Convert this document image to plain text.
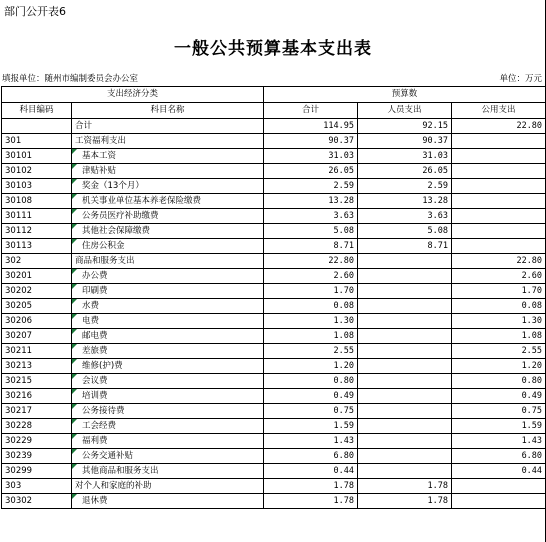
部门公开表6
一般公共预算基本支出表
填报单位：随州市编制委员会办公室	单位：万元
支出经济分类		预算数		
科目编码	科目名称	合计	人员支出	公用支出
	合计	114.95	92.15	22.80
301	工资福利支出	90.37	90.37	
30101	基本工资	31.03	31.03	
30102	津贴补贴	26.05	26.05	
30103	奖金（13个月）	2.59	2.59	
30108	机关事业单位基本养老保险缴费	13.28	13.28	
30111	公务员医疗补助缴费	3.63	3.63	
30112	其他社会保障缴费	5.08	5.08	
30113	住房公积金	8.71	8.71	
302	商品和服务支出	22.80		22.80
30201	办公费	2.60		2.60
30202	印刷费	1.70		1.70
30205	水费	0.08		0.08
30206	电费	1.30		1.30
30207	邮电费	1.08		1.08
30211	差旅费	2.55		2.55
30213	维修(护)费	1.20		1.20
30215	会议费	0.80		0.80
30216	培训费	0.49		0.49
30217	公务接待费	0.75		0.75
30228	工会经费	1.59		1.59
30229	福利费	1.43		1.43
30239	公务交通补贴	6.80		6.80
30299	其他商品和服务支出	0.44		0.44
303	对个人和家庭的补助	1.78	1.78	
30302	退休费	1.78	1.78	
